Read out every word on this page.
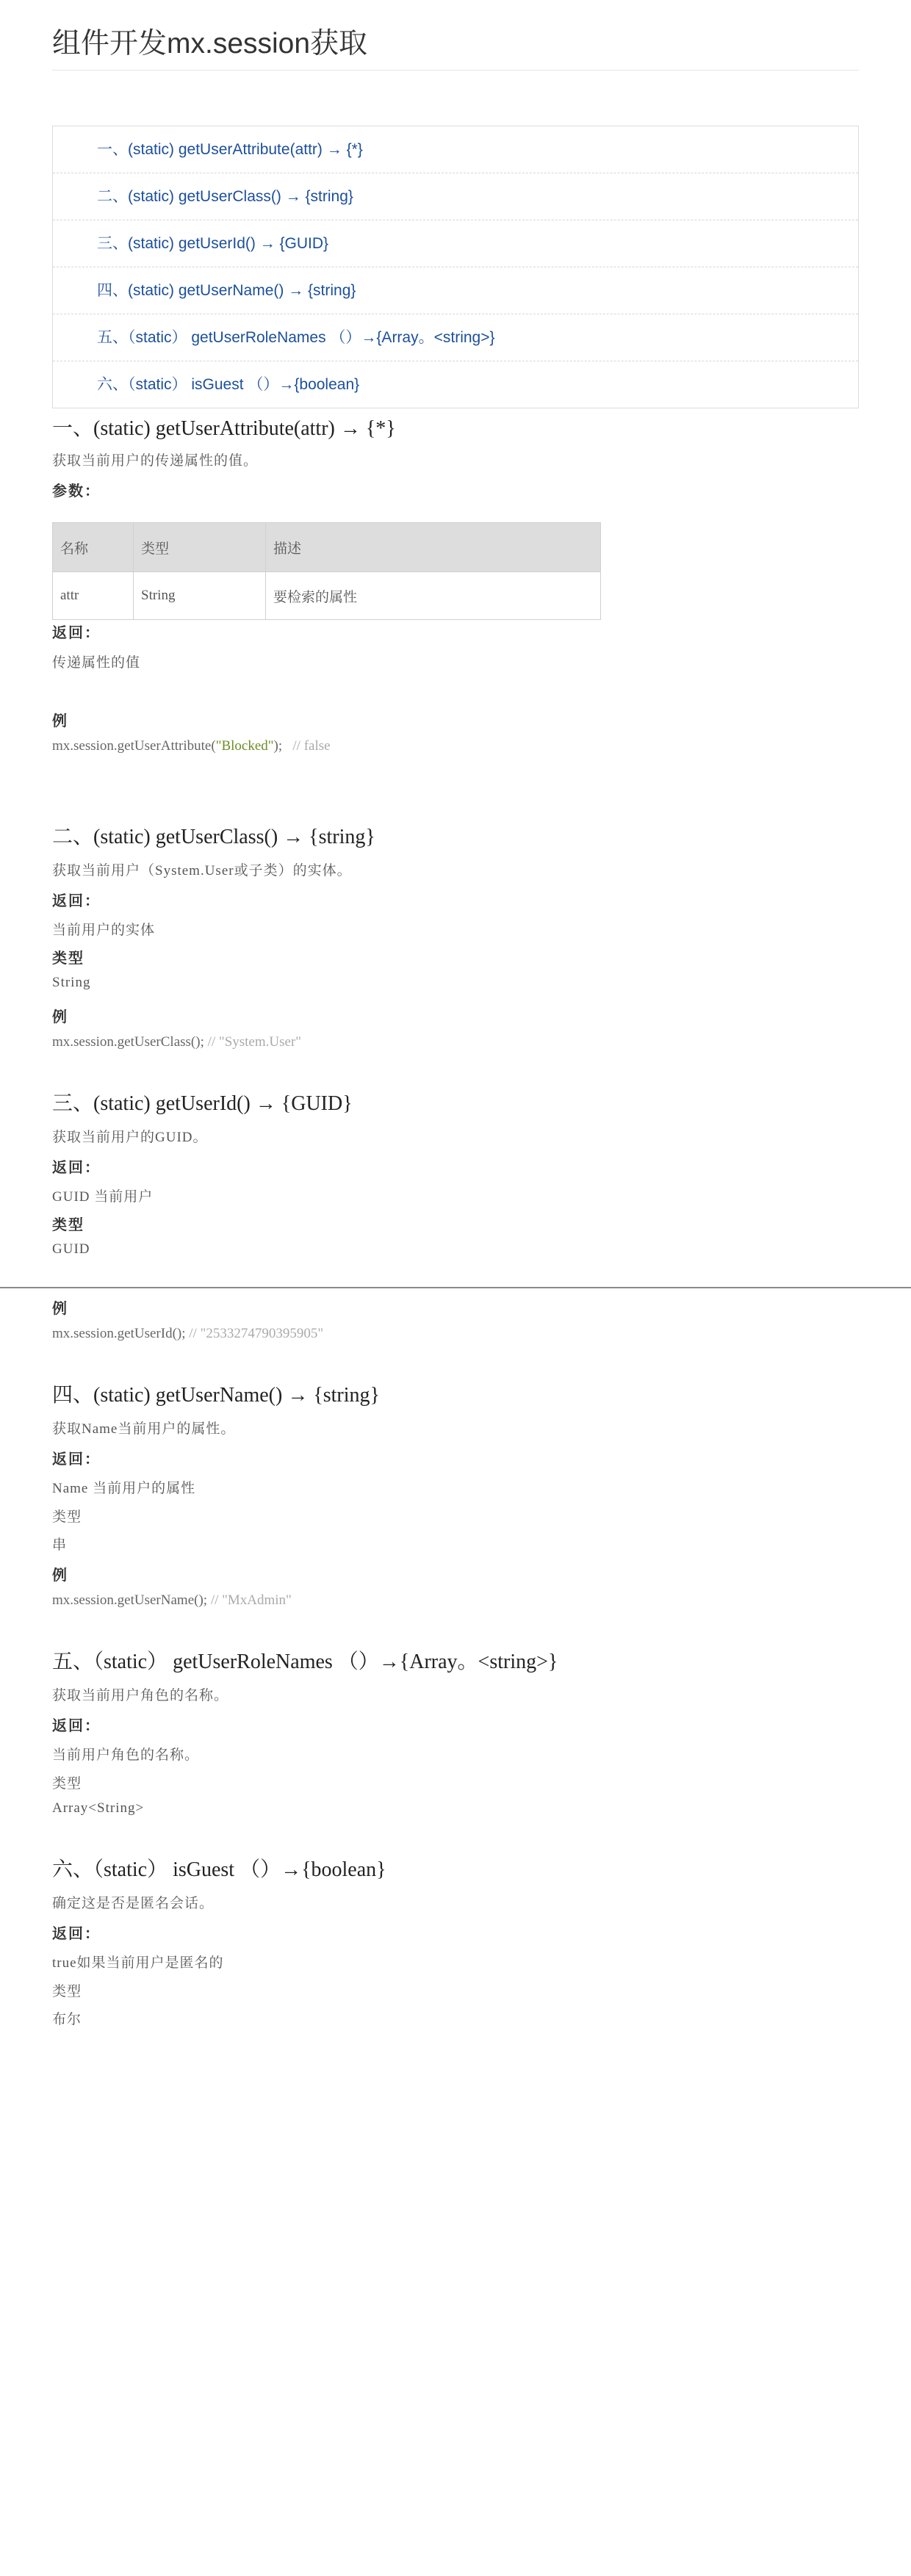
组件开发mx.session获取
一、(static) getUserAttribute(attr) → {*}
二、(static) getUserClass() → {string}
三、(static) getUserId() → {GUID}
四、(static) getUserName() → {string}
五、（static） getUserRoleNames （）→{Array。<string>}
六、（static） isGuest （）→{boolean}
一、(static) getUserAttribute(attr) → {*}
获取当前用户的传递属性的值。
参数：
名称	类型	描述
attr	String	要检索的属性
返回：
传递属性的值
例
mx.session.getUserAttribute("Blocked"); // false
二、(static) getUserClass() → {string}
获取当前用户（System.User或子类）的实体。
返回：
当前用户的实体
类型
String
例
mx.session.getUserClass(); // "System.User"
三、(static) getUserId() → {GUID}
获取当前用户的GUID。
返回：
GUID 当前用户
类型
GUID
例
mx.session.getUserId(); // "2533274790395905"
四、(static) getUserName() → {string}
获取Name当前用户的属性。
返回：
Name 当前用户的属性
类型
串
例
mx.session.getUserName(); // "MxAdmin"
五、（static） getUserRoleNames （）→{Array。<string>}
获取当前用户角色的名称。
返回：
当前用户角色的名称。
类型
Array<String>
六、（static） isGuest （）→{boolean}
确定这是否是匿名会话。
返回：
true如果当前用户是匿名的
类型
布尔
